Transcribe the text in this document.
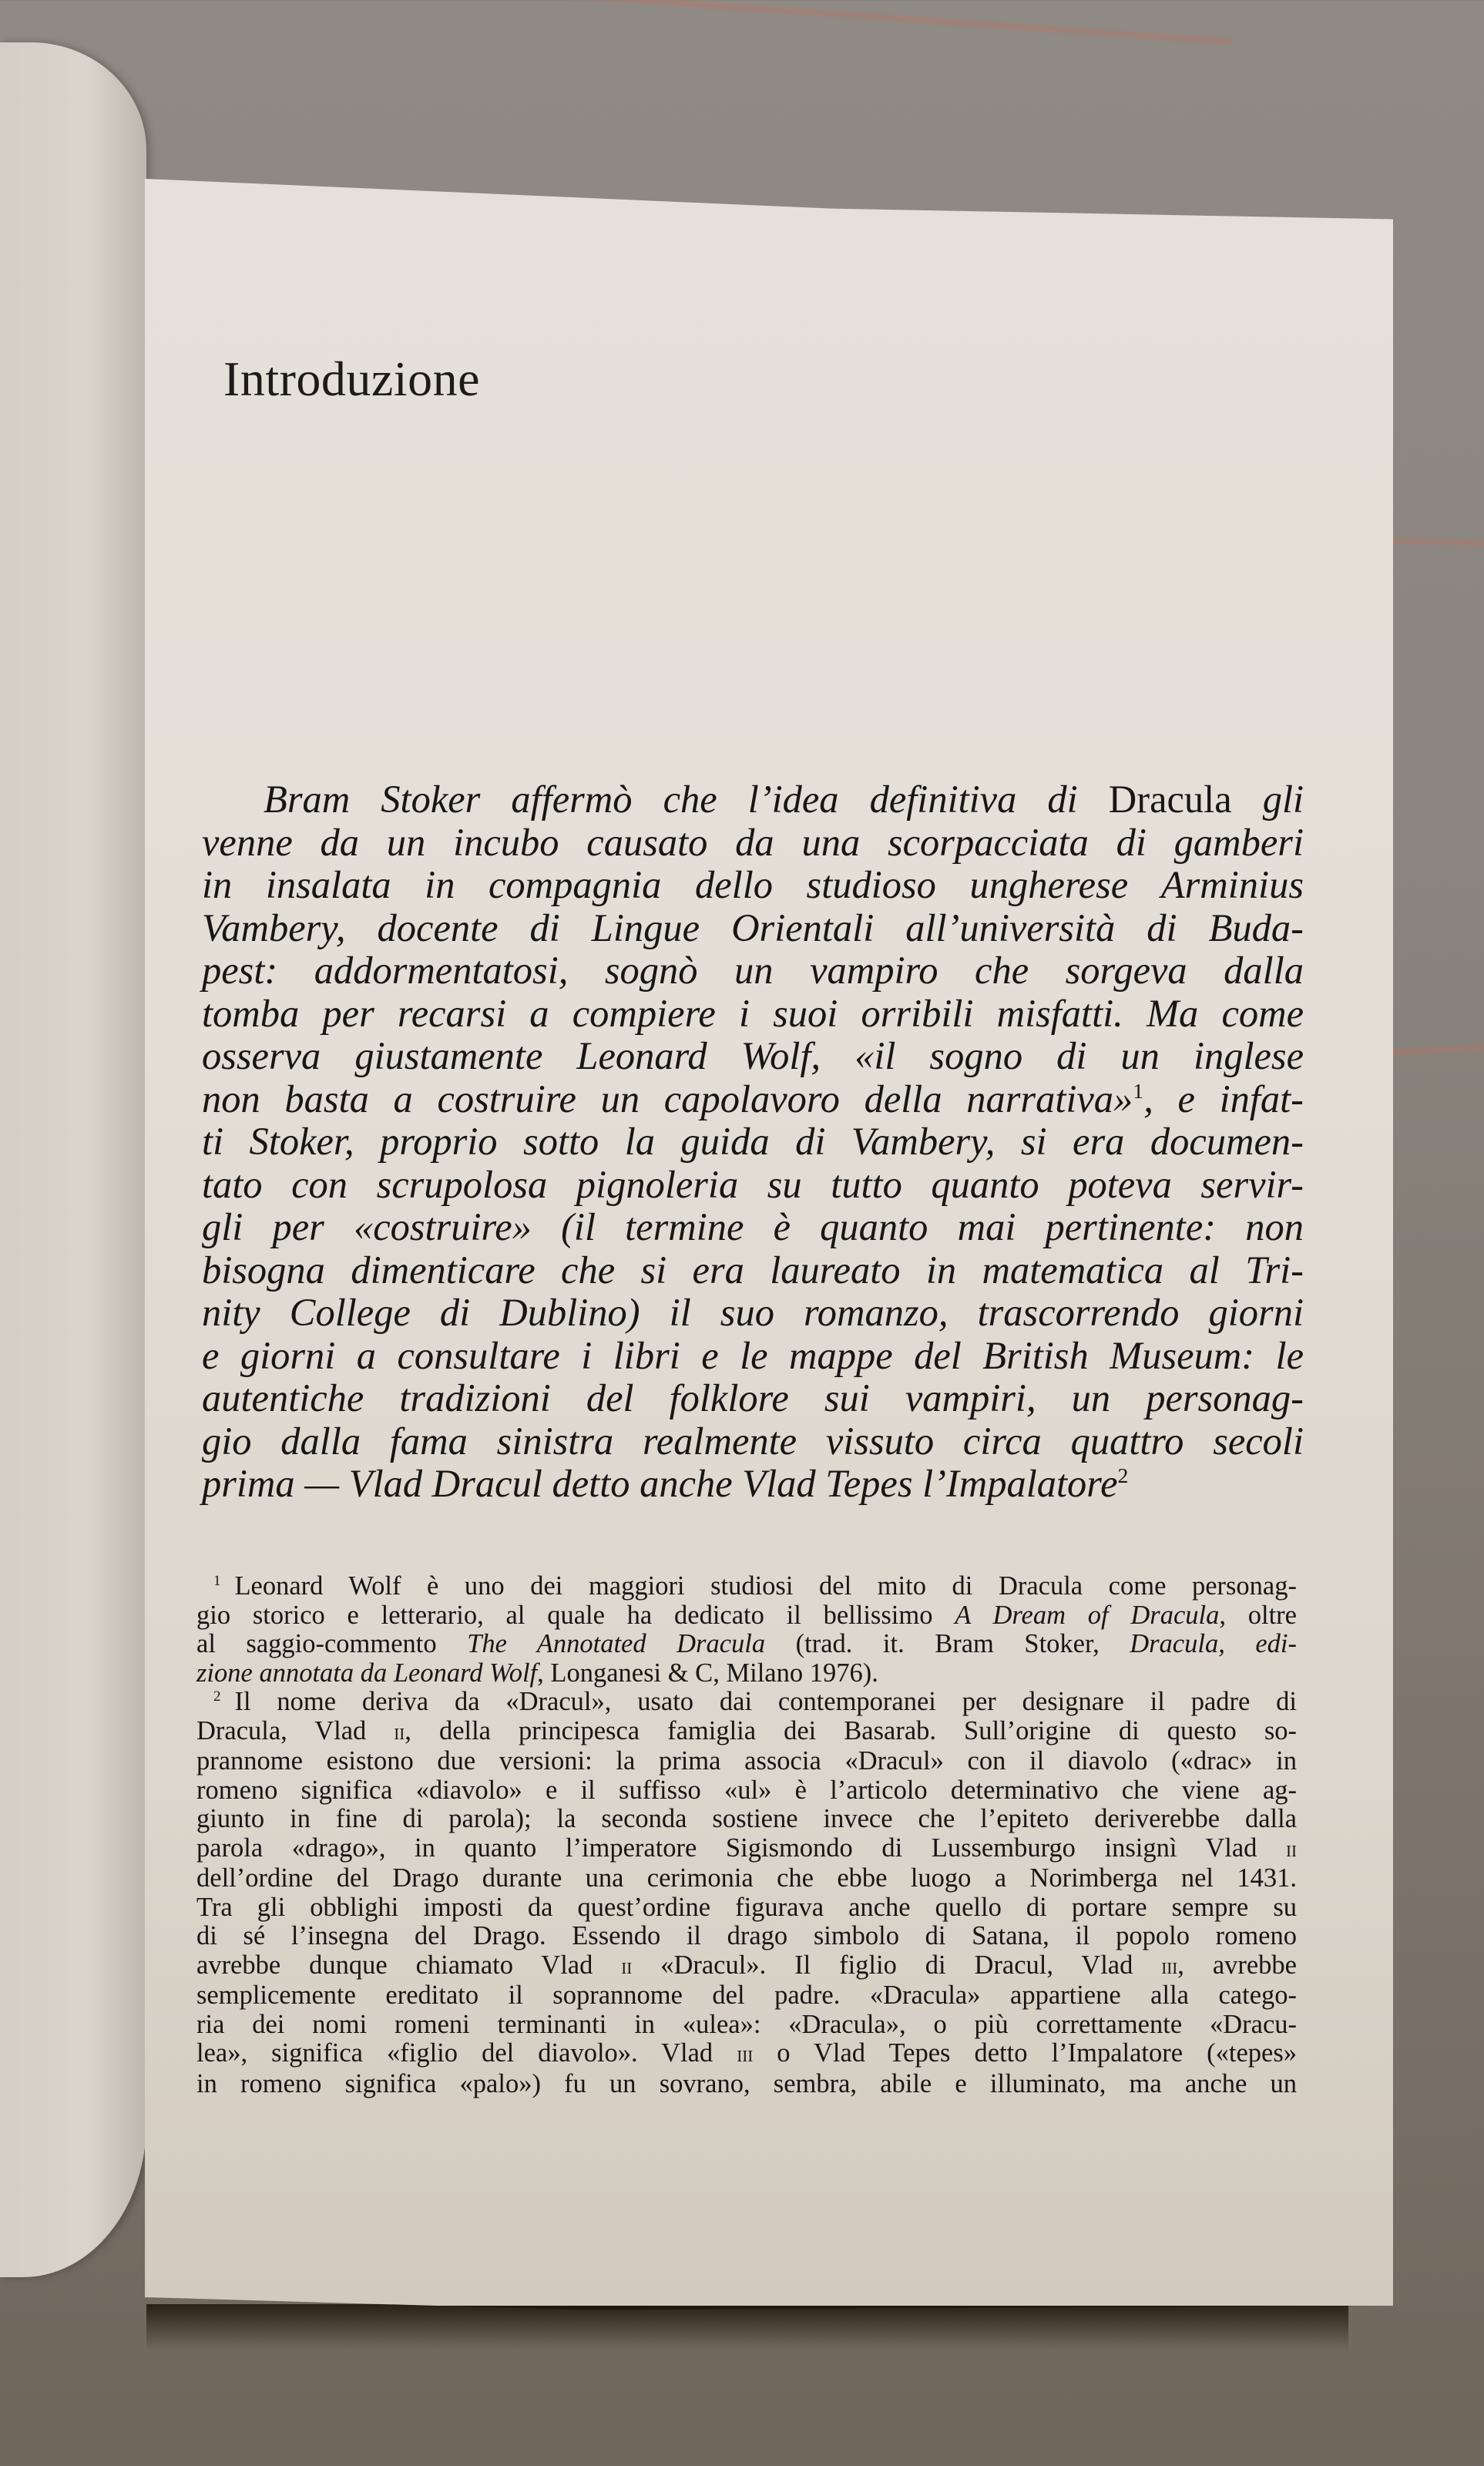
Introduzione
Bram Stoker affermò che l’idea definitiva di Dracula gli
venne da un incubo causato da una scorpacciata di gamberi
in insalata in compagnia dello studioso ungherese Arminius
Vambery, docente di Lingue Orientali all’università di Buda-
pest: addormentatosi, sognò un vampiro che sorgeva dalla
tomba per recarsi a compiere i suoi orribili misfatti. Ma come
osserva giustamente Leonard Wolf, «il sogno di un inglese
non basta a costruire un capolavoro della narrativa»$^1$, e infat-
ti Stoker, proprio sotto la guida di Vambery, si era documen-
tato con scrupolosa pignoleria su tutto quanto poteva servir-
gli per «costruire» (il termine è quanto mai pertinente: non
bisogna dimenticare che si era laureato in matematica al Tri-
nity College di Dublino) il suo romanzo, trascorrendo giorni
e giorni a consultare i libri e le mappe del British Museum: le
autentiche tradizioni del folklore sui vampiri, un personag-
gio dalla fama sinistra realmente vissuto circa quattro secoli
prima — Vlad Dracul detto anche Vlad Tepes l’Impalatore$^2$
$^1$ Leonard Wolf è uno dei maggiori studiosi del mito di Dracula come personag-
gio storico e letterario, al quale ha dedicato il bellissimo A Dream of Dracula, oltre
al saggio-commento The Annotated Dracula (trad. it. Bram Stoker, Dracula, edi-
zione annotata da Leonard Wolf, Longanesi & C, Milano 1976).
$^2$ Il nome deriva da «Dracul», usato dai contemporanei per designare il padre di
Dracula, Vlad ii, della principesca famiglia dei Basarab. Sull’origine di questo so-
prannome esistono due versioni: la prima associa «Dracul» con il diavolo («drac» in
romeno significa «diavolo» e il suffisso «ul» è l’articolo determinativo che viene ag-
giunto in fine di parola); la seconda sostiene invece che l’epiteto deriverebbe dalla
parola «drago», in quanto l’imperatore Sigismondo di Lussemburgo insignì Vlad ii
dell’ordine del Drago durante una cerimonia che ebbe luogo a Norimberga nel 1431.
Tra gli obblighi imposti da quest’ordine figurava anche quello di portare sempre su
di sé l’insegna del Drago. Essendo il drago simbolo di Satana, il popolo romeno
avrebbe dunque chiamato Vlad ii «Dracul». Il figlio di Dracul, Vlad iii, avrebbe
semplicemente ereditato il soprannome del padre. «Dracula» appartiene alla catego-
ria dei nomi romeni terminanti in «ulea»: «Dracula», o più correttamente «Dracu-
lea», significa «figlio del diavolo». Vlad iii o Vlad Tepes detto l’Impalatore («tepes»
in romeno significa «palo») fu un sovrano, sembra, abile e illuminato, ma anche un
